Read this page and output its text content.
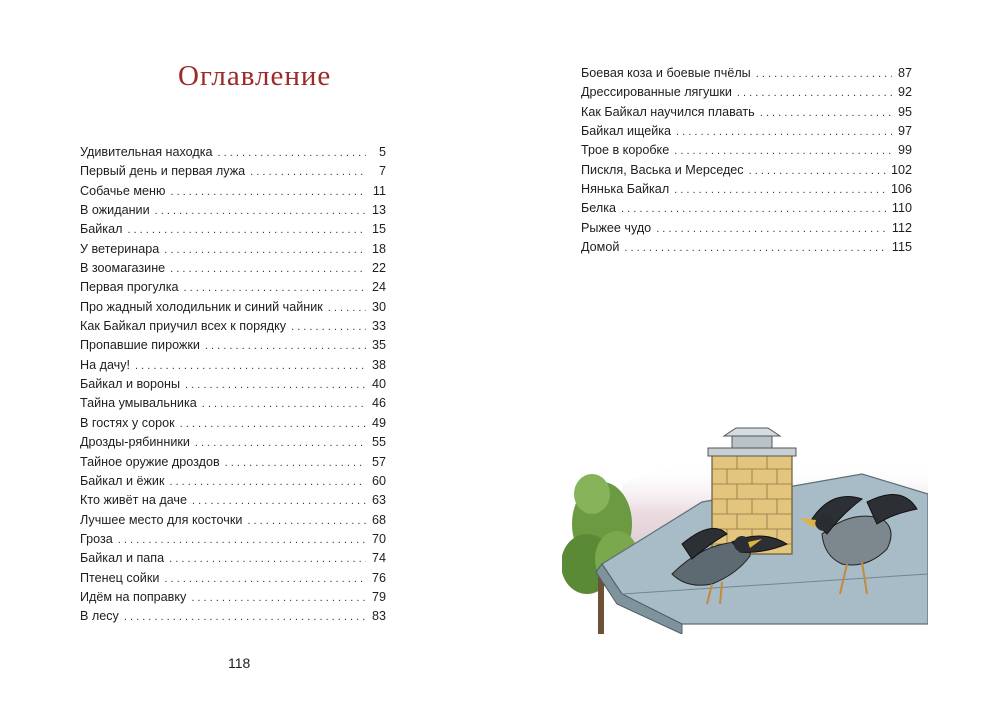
Оглавление
Удивительная находка . . .	5
Первый день и первая лужа . . .	7
Собачье меню . . .	11
В ожидании . . .	13
Байкал . . .	15
У ветеринара . . .	18
В зоомагазине . . .	22
Первая прогулка . . .	24
Про жадный холодильник и синий чайник . . .	30
Как Байкал приучил всех к порядку . . .	33
Пропавшие пирожки . . .	35
На дачу! . . .	38
Байкал и вороны . . .	40
Тайна умывальника . . .	46
В гостях у сорок . . .	49
Дрозды-рябинники . . .	55
Тайное оружие дроздов . . .	57
Байкал и ёжик . . .	60
Кто живёт на даче . . .	63
Лучшее место для косточки . . .	68
Гроза . . .	70
Байкал и папа . . .	74
Птенец сойки . . .	76
Идём на поправку . . .	79
В лесу . . .	83
118
Боевая коза и боевые пчёлы . . .	87
Дрессированные лягушки . . .	92
Как Байкал научился плавать . . .	95
Байкал ищейка . . .	97
Трое в коробке . . .	99
Пискля, Васька и Мерседес . . .	102
Нянька Байкал . . .	106
Белка . . .	110
Рыжее чудо . . .	112
Домой . . .	115
